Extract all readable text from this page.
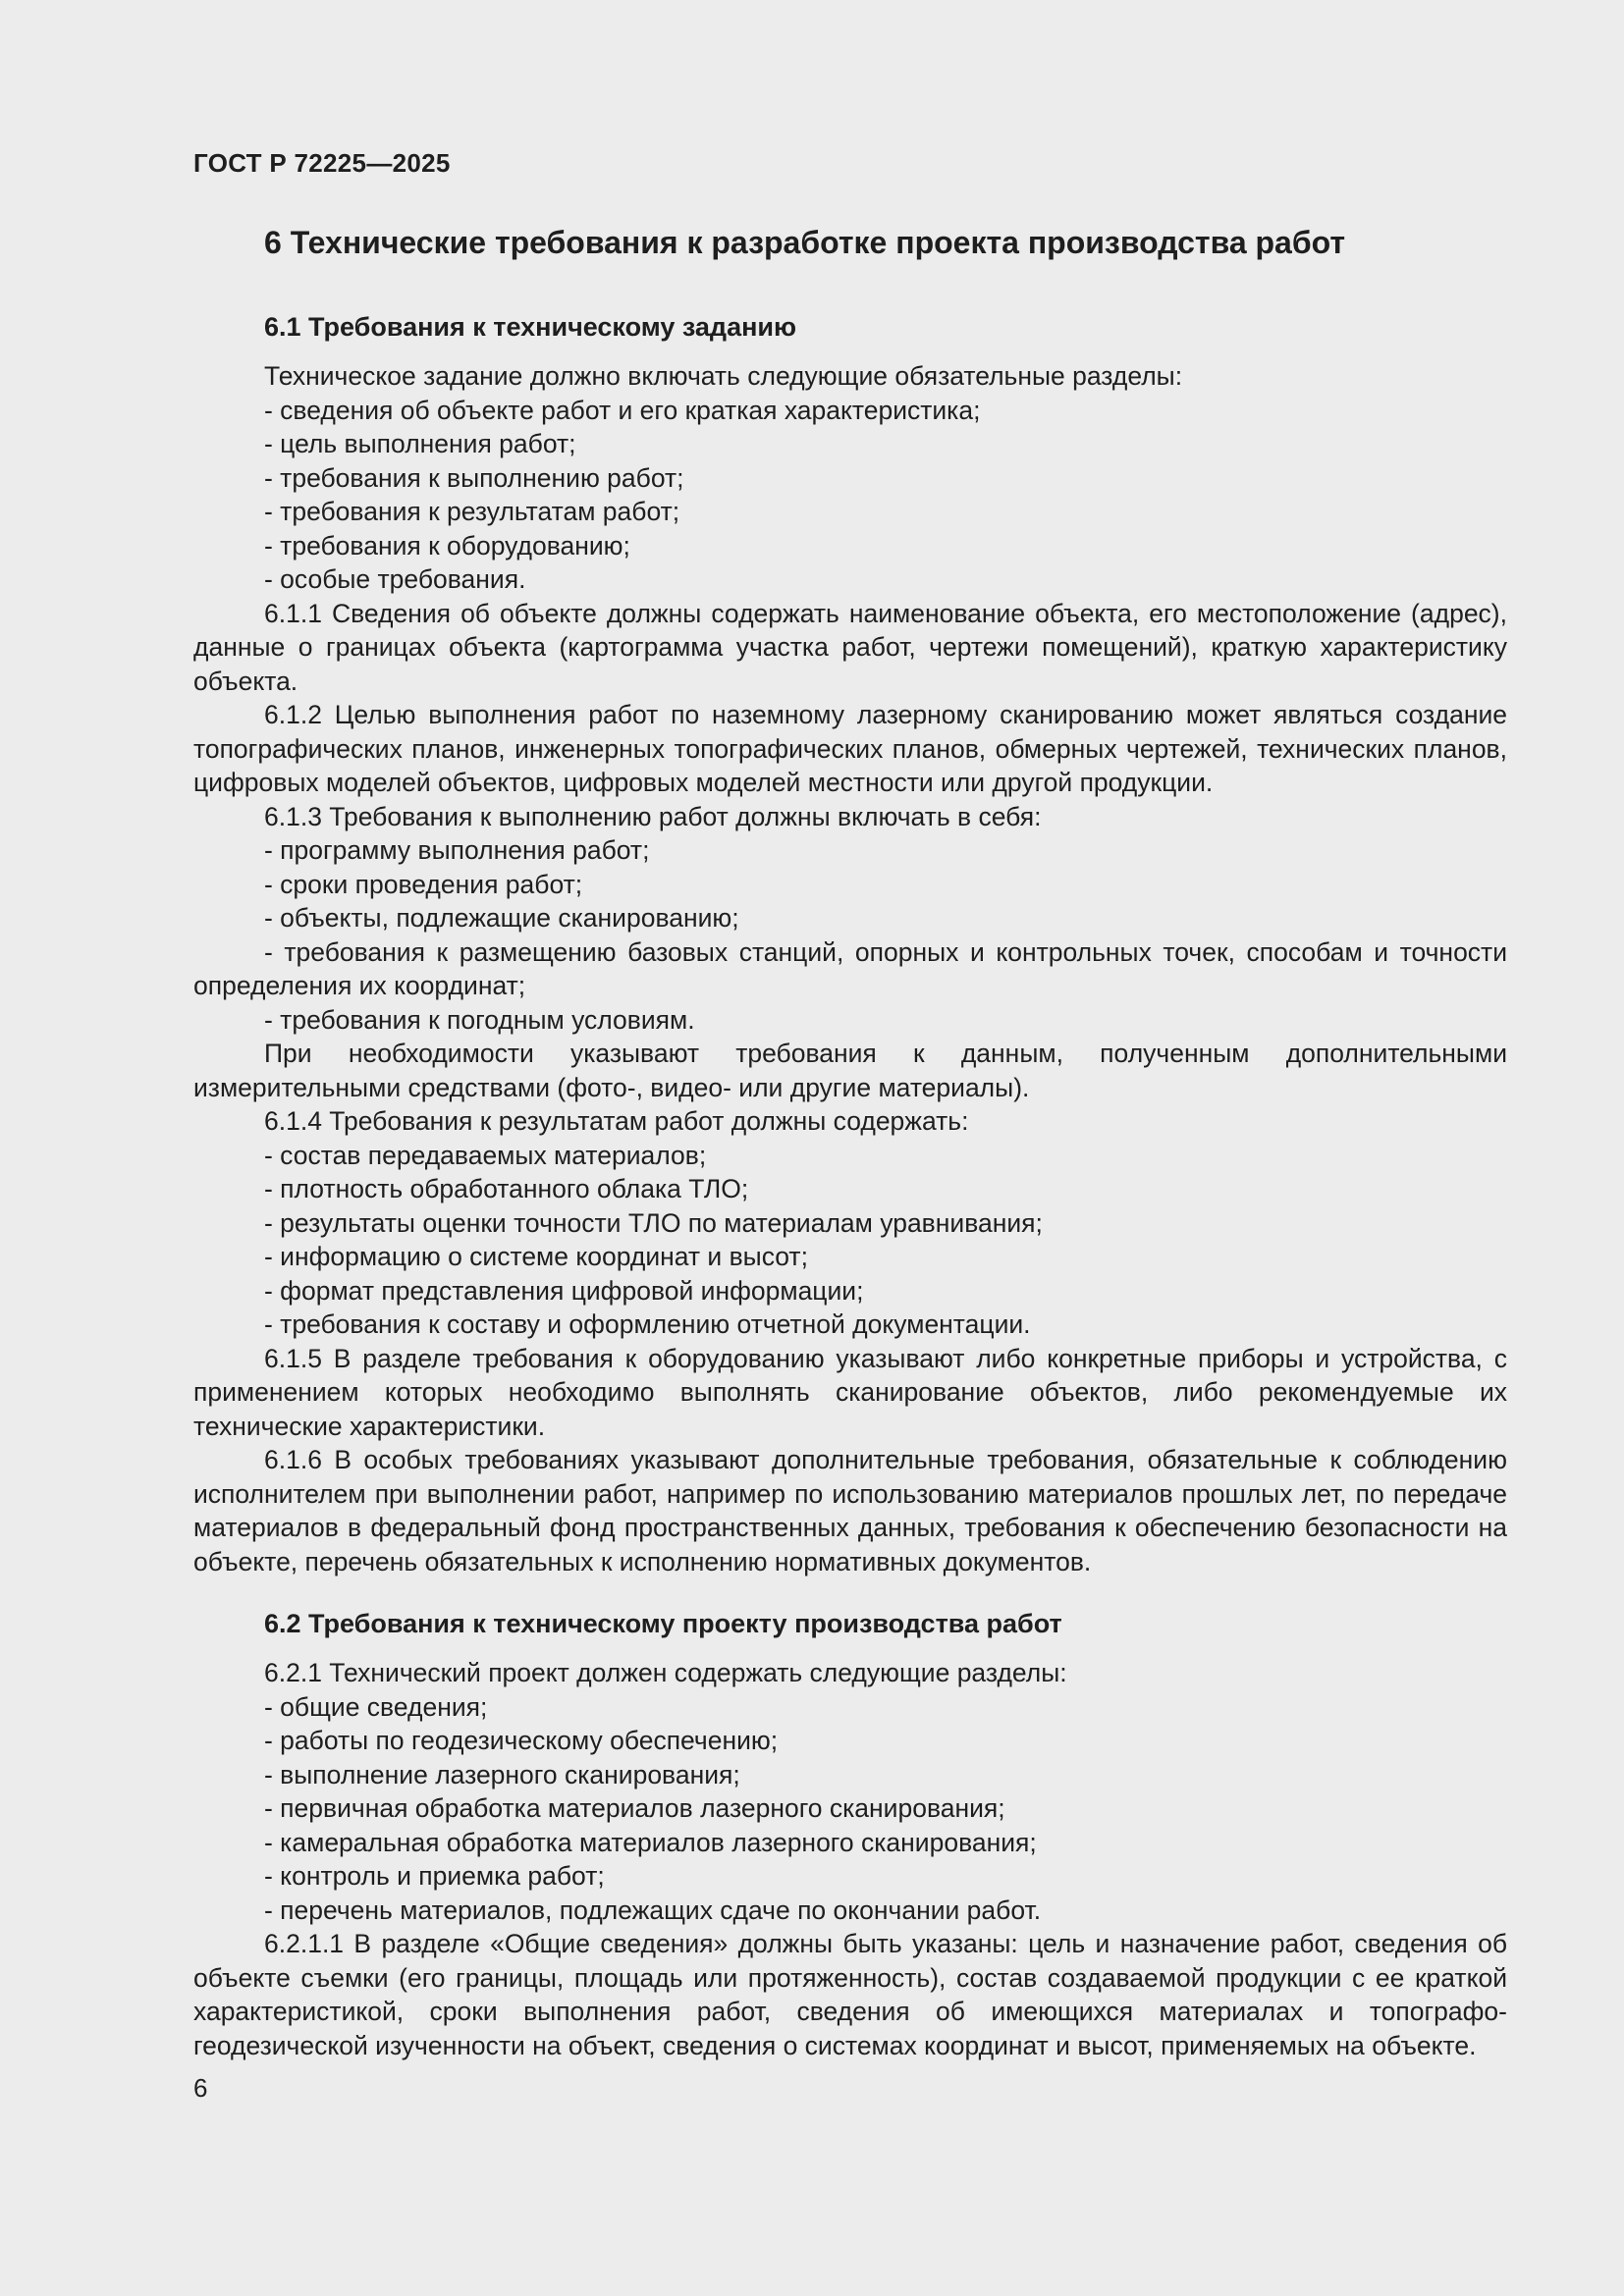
ГОСТ Р 72225—2025
6 Технические требования к разработке проекта производства работ
6.1 Требования к техническому заданию

Техническое задание должно включать следующие обязательные разделы:

- сведения об объекте работ и его краткая характеристика;

- цель выполнения работ;

- требования к выполнению работ;

- требования к результатам работ;

- требования к оборудованию;

- особые требования.

6.1.1 Сведения об объекте должны содержать наименование объекта, его местоположение (адрес), данные о границах объекта (картограмма участка работ, чертежи помещений), краткую характеристику объекта.

6.1.2 Целью выполнения работ по наземному лазерному сканированию может являться создание топографических планов, инженерных топографических планов, обмерных чертежей, технических планов, цифровых моделей объектов, цифровых моделей местности или другой продукции.

6.1.3 Требования к выполнению работ должны включать в себя:

- программу выполнения работ;

- сроки проведения работ;

- объекты, подлежащие сканированию;

- требования к размещению базовых станций, опорных и контрольных точек, способам и точности определения их координат;

- требования к погодным условиям.

При необходимости указывают требования к данным, полученным дополнительными измерительными средствами (фото-, видео- или другие материалы).

6.1.4 Требования к результатам работ должны содержать:

- состав передаваемых материалов;

- плотность обработанного облака ТЛО;

- результаты оценки точности ТЛО по материалам уравнивания;

- информацию о системе координат и высот;

- формат представления цифровой информации;

- требования к составу и оформлению отчетной документации.

6.1.5 В разделе требования к оборудованию указывают либо конкретные приборы и устройства, с применением которых необходимо выполнять сканирование объектов, либо рекомендуемые их технические характеристики.

6.1.6 В особых требованиях указывают дополнительные требования, обязательные к соблюдению исполнителем при выполнении работ, например по использованию материалов прошлых лет, по передаче материалов в федеральный фонд пространственных данных, требования к обеспечению безопасности на объекте, перечень обязательных к исполнению нормативных документов.

6.2 Требования к техническому проекту производства работ

6.2.1 Технический проект должен содержать следующие разделы:

- общие сведения;

- работы по геодезическому обеспечению;

- выполнение лазерного сканирования;

- первичная обработка материалов лазерного сканирования;

- камеральная обработка материалов лазерного сканирования;

- контроль и приемка работ;

- перечень материалов, подлежащих сдаче по окончании работ.

6.2.1.1 В разделе «Общие сведения» должны быть указаны: цель и назначение работ, сведения об объекте съемки (его границы, площадь или протяженность), состав создаваемой продукции с ее краткой характеристикой, сроки выполнения работ, сведения об имеющихся материалах и топографо-геодезической изученности на объект, сведения о системах координат и высот, применяемых на объекте.

6
